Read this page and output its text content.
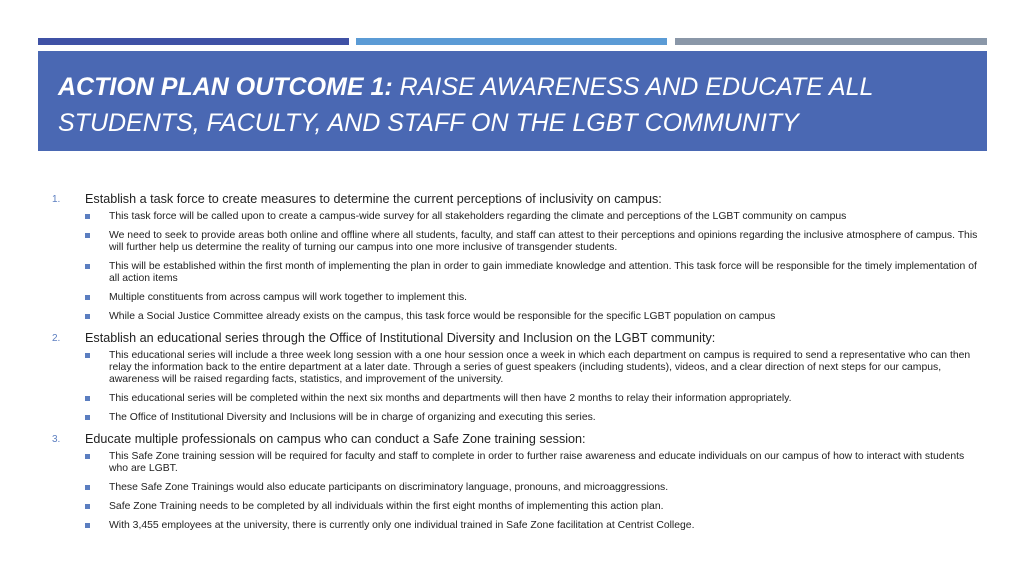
ACTION PLAN OUTCOME 1: RAISE AWARENESS AND EDUCATE ALL STUDENTS, FACULTY, AND STAFF ON THE LGBT COMMUNITY
1. Establish a task force to create measures to determine the current perceptions of inclusivity on campus:
This task force will be called upon to create a campus-wide survey for all stakeholders regarding the climate and perceptions of the LGBT community on campus
We need to seek to provide areas both online and offline where all students, faculty, and staff can attest to their perceptions and opinions regarding the inclusive atmosphere of campus. This will further help us determine the reality of turning our campus into one more inclusive of transgender students.
This will be established within the first month of implementing the plan in order to gain immediate knowledge and attention. This task force will be responsible for the timely implementation of all action items
Multiple constituents from across campus will work together to implement this.
While a Social Justice Committee already exists on the campus, this task force would be responsible for the specific LGBT population on campus
2. Establish an educational series through the Office of Institutional Diversity and Inclusion on the LGBT community:
This educational series will include a three week long session with a one hour session once a week in which each department on campus is required to send a representative who can then relay the information back to the entire department at a later date. Through a series of guest speakers (including students), videos, and a clear direction of next steps for our campus, awareness will be raised regarding facts, statistics, and improvement of the university.
This educational series will be completed within the next six months and departments will then have 2 months to relay their information appropriately.
The Office of Institutional Diversity and Inclusions will be in charge of organizing and executing this series.
3. Educate multiple professionals on campus who can conduct a Safe Zone training session:
This Safe Zone training session will be required for faculty and staff to complete in order to further raise awareness and educate individuals on our campus of how to interact with students who are LGBT.
These Safe Zone Trainings would also educate participants on discriminatory language, pronouns, and microaggressions.
Safe Zone Training needs to be completed by all individuals within the first eight months of implementing this action plan.
With 3,455 employees at the university, there is currently only one individual trained in Safe Zone facilitation at Centrist College.
